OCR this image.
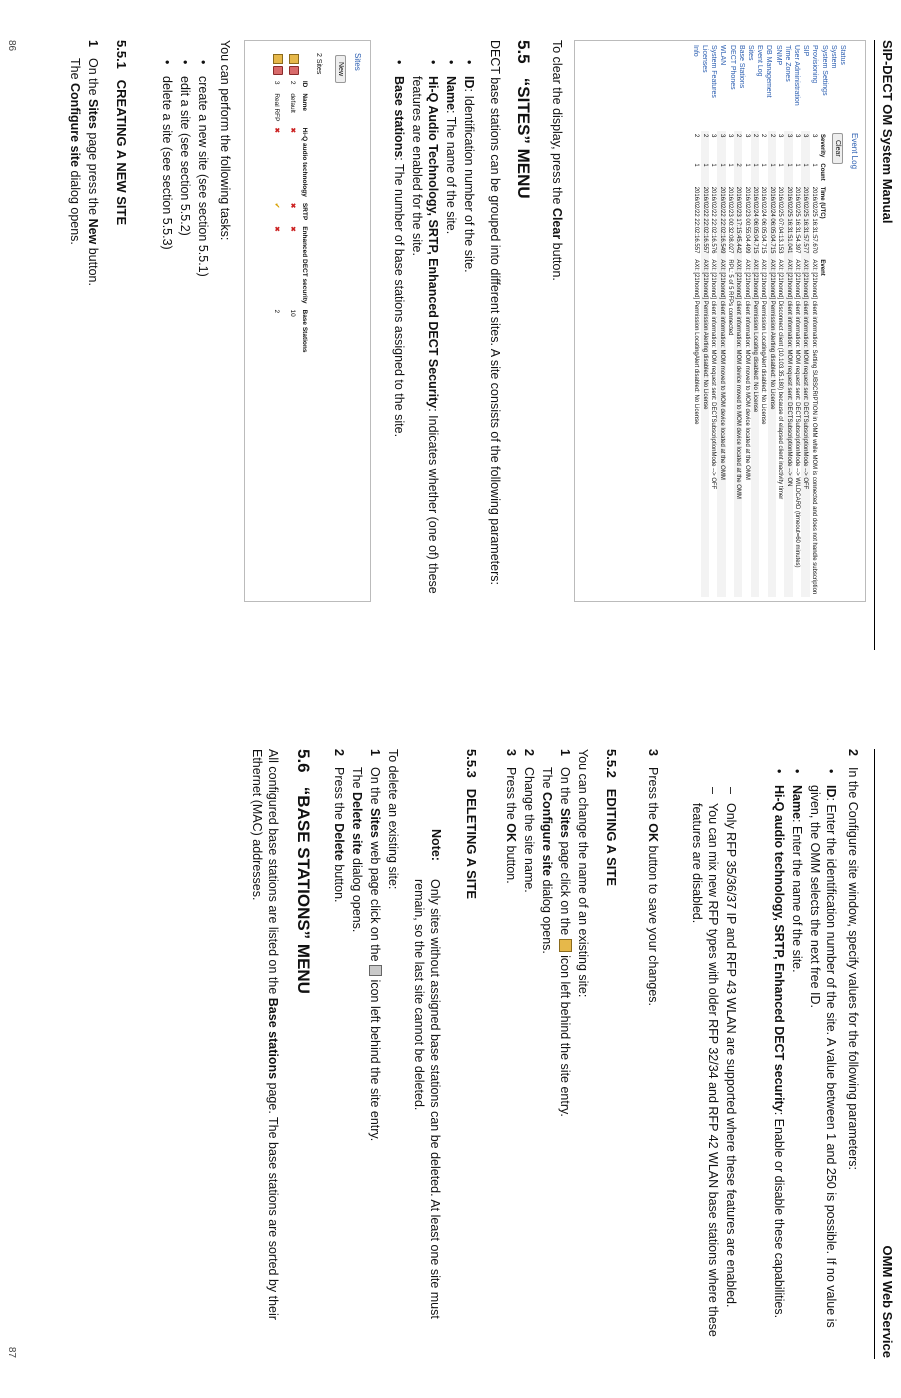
SIP-DECT OM System Manual
Status
System
System Settings
Provisioning
SIP
User Administration
Time Zones
SNMP
DB Management
Event Log
Sites
Base Stations
DECT Phones
WLAN
System Features
Licenses
Info
Event Log
Clear
Severity	Count	Time (UTC)	Event
3	1	2016/02/25 16:31:57.670	AXI: [21honnd] client information: Setting SUBSCRIPTION in OMM while MOM is connected and does not handle subscription
3	1	2016/02/25 16:31:57.577	AXI: [21honnd] client information: MOM request sent: DECTSubscriptionMode --> OFF
3	1	2016/02/25 16:31:54.397	AXI: [21honnd] client information: MOM request sent: DECTSubscriptionMode --> WILDCARD (timeout=60 minutes)
3	1	2016/02/25 16:31:51.041	AXI: [21honnd] client information: MOM request sent: DECTSubscriptionMode --> ON
3	1	2016/02/25 07:04:13.153	AXI: [21honnd] Disconnect client (10.103.35.180) because of elapsed client inactivity timer
2	1	2016/02/24 06:05:04.715	AXI: [21honnd] Permission Alerting disabled: No License
2	1	2016/02/24 06:05:04.715	AXI: [21honnd] Permission LocatingAlert disabled: No License
2	1	2016/02/24 06:05:04.715	AXI: [21honnd] Permission Locating disabled: No License
3	1	2016/02/23 00:55:04.499	AXI: [21honnd] client information: MOM moved to MOM device located at the OMM
2	2	2016/02/23 17:15:45.442	AXI: [21honnd] client information: MOM device moved to MOM device located at the OMM
3	1	2016/02/23 00:32:08.027	RPL: 5 of 5 RFPs connected
3	1	2016/02/22 22:02:16.549	AXI: [21honnd] client information: MOM moved to MOM device located at the OMM
3	1	2016/02/22 22:02:16.576	AXI: [21honnd] client information: MOM request sent: DECTSubscriptionMode --> OFF
2	1	2016/02/22 22:02:16.557	AXI: [21honnd] Permission Alerting disabled: No License
2	1	2016/02/22 22:02:16.557	AXI: [21honnd] Permission LocatingAlert disabled: No License
To clear the display, press the Clear button.
5.5   “SITES” MENU
DECT base stations can be grouped into different sites. A site consists of the following parameters:
• ID: Identification number of the site.
• Name: The name of the site.
• Hi-Q Audio Technology, SRTP, Enhanced DECT Security: Indicates whether (one of) these features are enabled for the site.
• Base stations: The number of base stations assigned to the site.
Sites
New
2 Sites
	ID	Name	Hi-Q audio technology	SRTP	Enhanced DECT security	Base Stations
	2	default	✖	✖	✖	10
	3	Real RFP	✖	✔	✖	2
You can perform the following tasks:
• create a new site (see section 5.5.1)
• edit a site (see section 5.5.2)
• delete a site (see section 5.5.3)
5.5.1   CREATING A NEW SITE
1On the Sites page press the New button.
The Configure site dialog opens.
86
OMM Web Service
2In the Configure site window, specify values for the following parameters:
• ID: Enter the identification number of the site. A value between 1 and 250 is possible. If no value is given, the OMM selects the next free ID.
• Name: Enter the name of the site.
• Hi-Q audio technology, SRTP, Enhanced DECT security: Enable or disable these capabilities.
– Only RFP 35/36/37 IP and RFP 43 WLAN are supported where these features are enabled.
– You can mix new RFP types with older RFP 32/34 and RFP 42 WLAN base stations where these features are disabled.
3Press the OK button to save your changes.
5.5.2   EDITING A SITE
You can change the name of an existing site:
1On the Sites page click on the  icon left behind the site entry.
The Configure site dialog opens.
2Change the site name.
3Press the OK button.
5.5.3   DELETING A SITE
Note:
Only sites without assigned base stations can be deleted. At least one site must remain, so the last site cannot be deleted.
To delete an existing site:
1On the Sites web page click on the  icon left behind the site entry.
The Delete site dialog opens.
2Press the Delete button.
5.6   “BASE STATIONS” MENU
All configured base stations are listed on the Base stations page. The base stations are sorted by their Ethernet (MAC) addresses.
87
